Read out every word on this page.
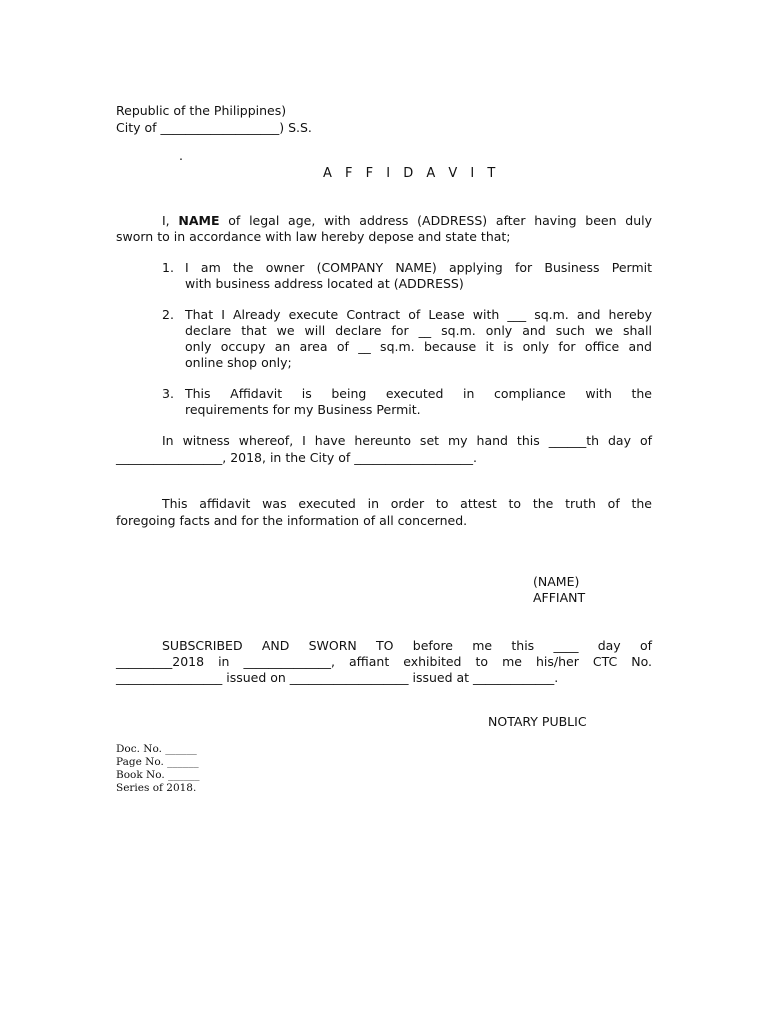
Republic of the Philippines)
City of ___________________) S.S.
.
A F F I D A V I T
I, NAME of legal age, with address (ADDRESS) after having been duly
sworn to in accordance with law hereby depose and state that;
1. I am the owner (COMPANY NAME) applying for Business Permit
with business address located at (ADDRESS)
2. That I Already execute Contract of Lease with ___ sq.m. and hereby
declare that we will declare for __ sq.m. only and such we shall
only occupy an area of __ sq.m. because it is only for office and
online shop only;
3. This Affidavit is being executed in compliance with the
requirements for my Business Permit.
In witness whereof, I have hereunto set my hand this ______th day of
_________________, 2018, in the City of ___________________.
This affidavit was executed in order to attest to the truth of the
foregoing facts and for the information of all concerned.
(NAME)
AFFIANT
SUBSCRIBED AND SWORN TO before me this ____ day of
_________2018 in ______________, affiant exhibited to me his/her CTC No.
_________________ issued on ___________________ issued at _____________.
NOTARY PUBLIC
Doc. No. ______
Page No. ______
Book No. ______
Series of 2018.
